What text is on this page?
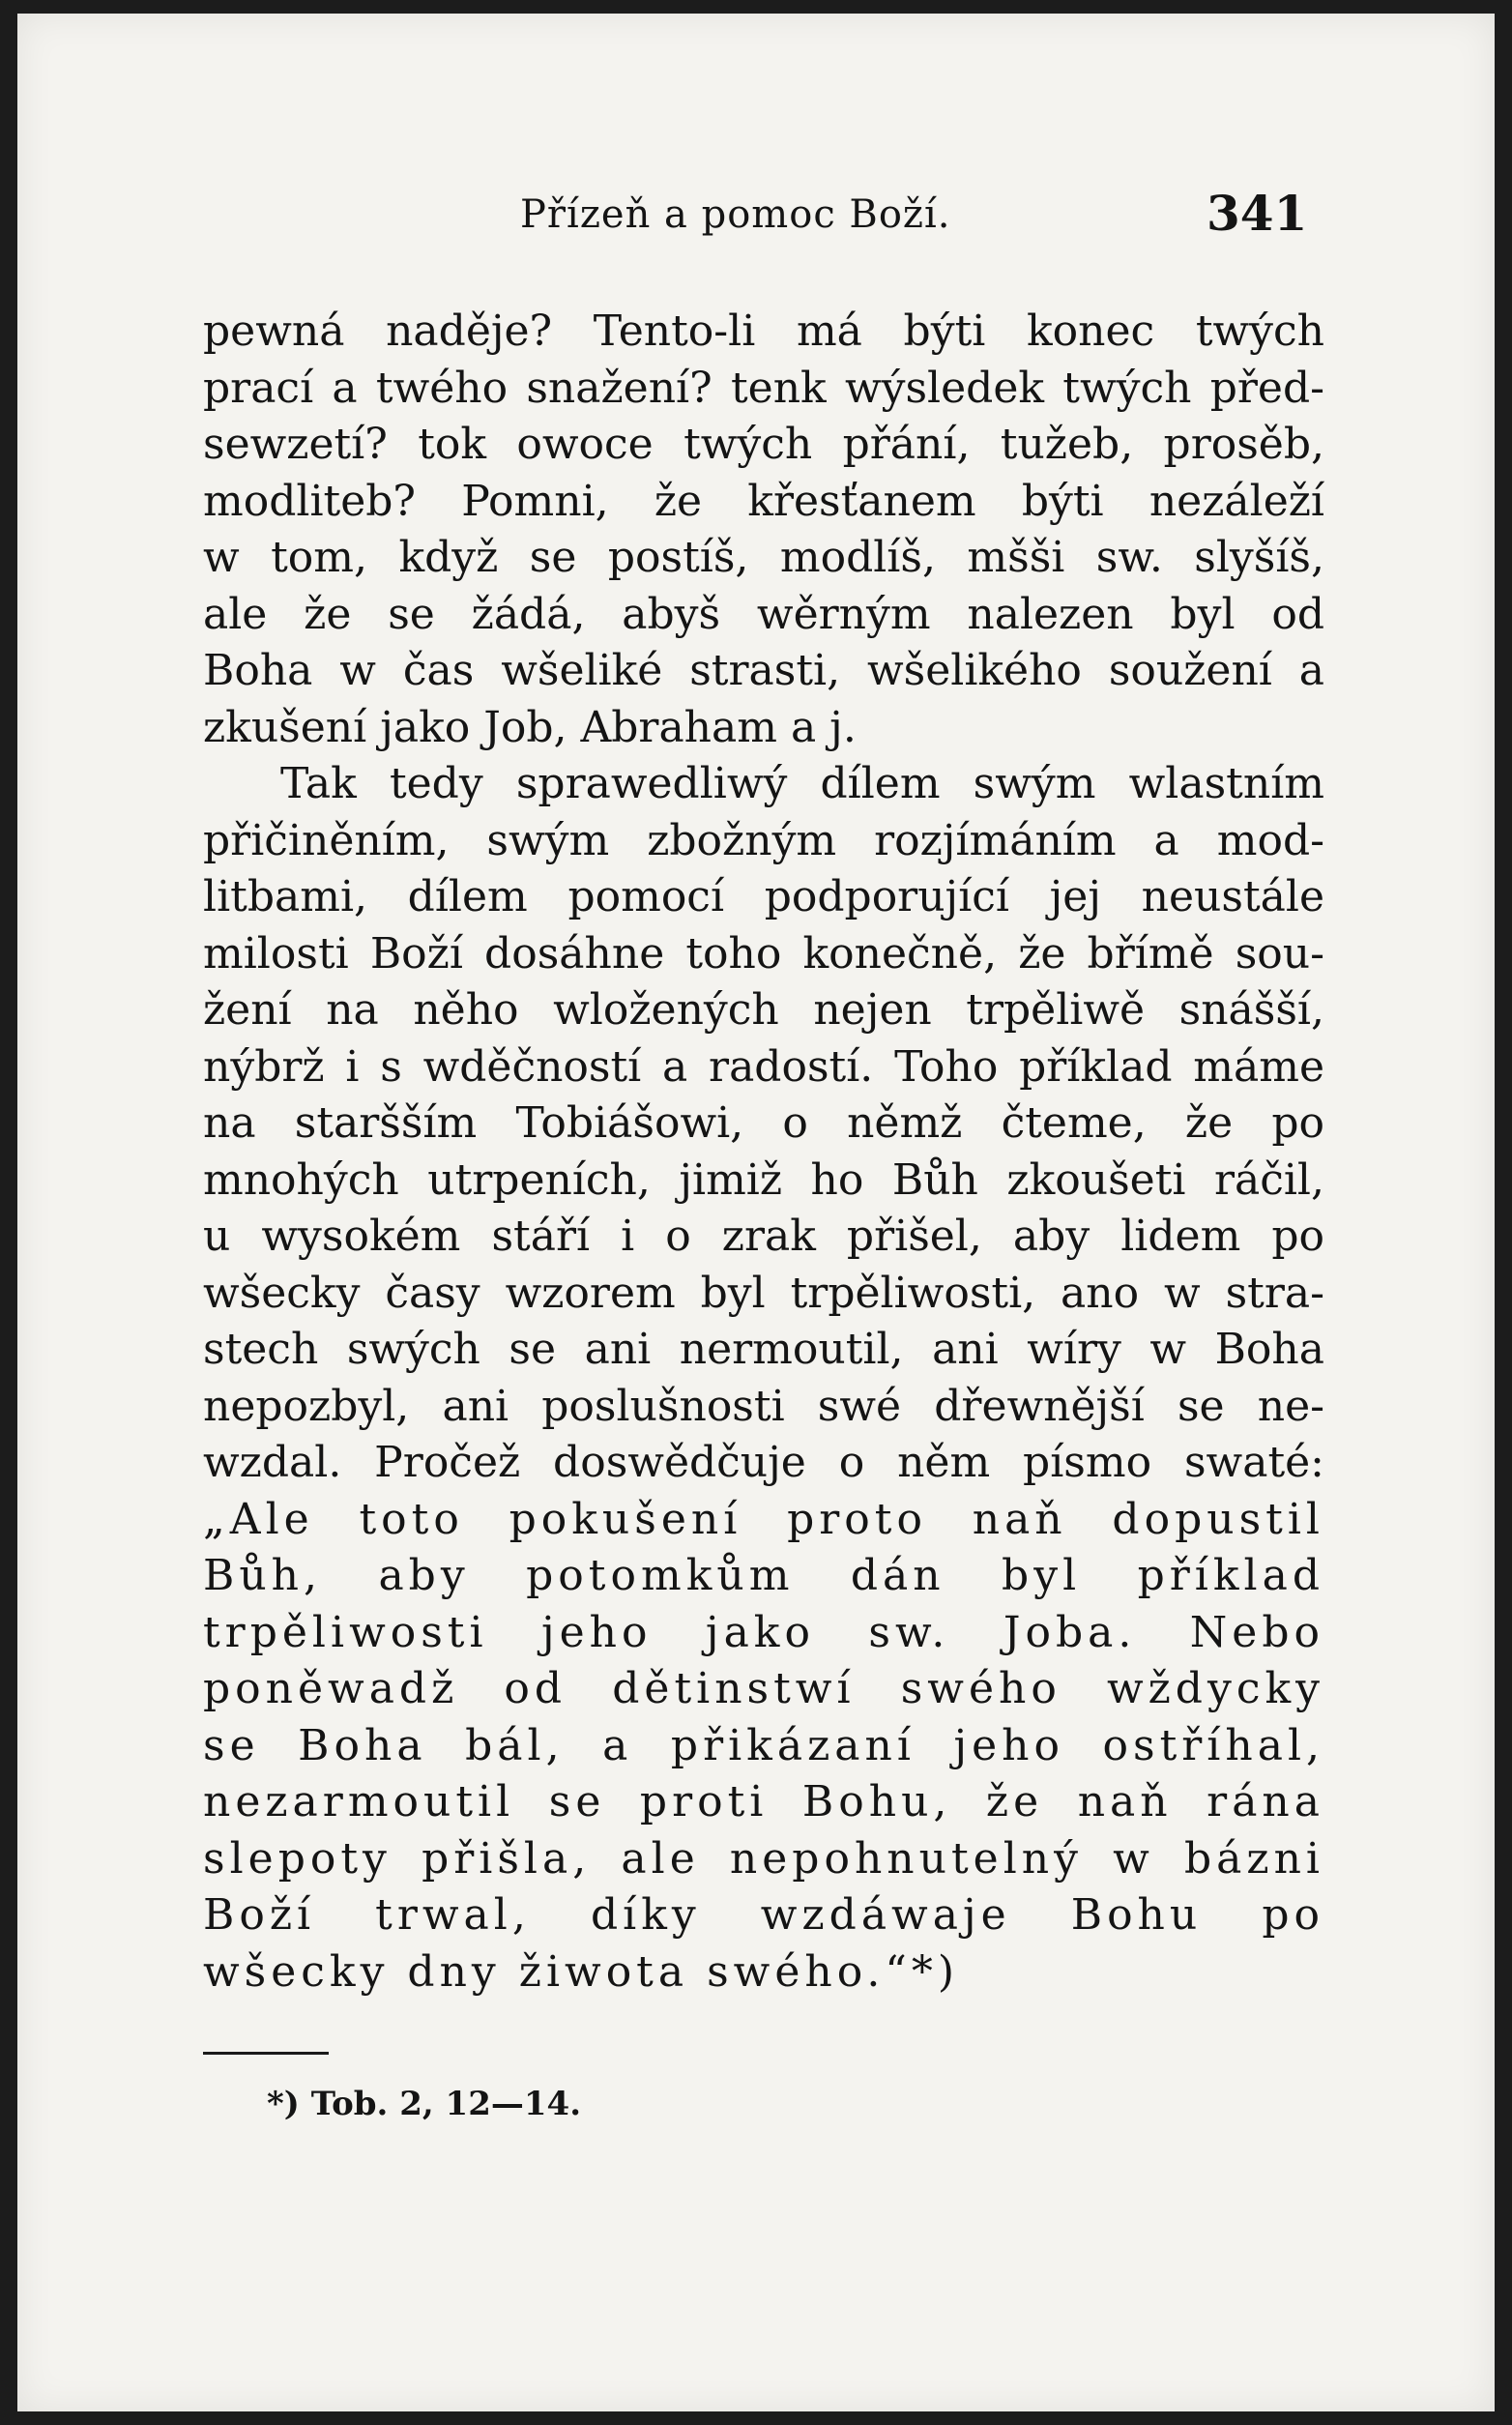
Přízeň a pomoc Boží.	341
pewná naděje? Tento-li má býti konec twých
prací a twého snažení? tenk wýsledek twých před-
sewzetí? tok owoce twých přání, tužeb, prosěb,
modliteb? Pomni, že křesťanem býti nezáleží
w tom, když se postíš, modlíš, mšši sw. slyšíš,
ale že se žádá, abyš wěrným nalezen byl od
Boha w čas wšeliké strasti, wšelikého soužení a
zkušení jako Job, Abraham a j.
Tak tedy sprawedliwý dílem swým wlastním
přičiněním, swým zbožným rozjímáním a mod-
litbami, dílem pomocí podporující jej neustále
milosti Boží dosáhne toho konečně, že břímě sou-
žení na něho wložených nejen trpěliwě snášší,
nýbrž i s wděčností a radostí. Toho příklad máme
na staršším Tobiášowi, o němž čteme, že po
mnohých utrpeních, jimiž ho Bůh zkoušeti ráčil,
u wysokém stáří i o zrak přišel, aby lidem po
wšecky časy wzorem byl trpěliwosti, ano w stra-
stech swých se ani nermoutil, ani wíry w Boha
nepozbyl, ani poslušnosti swé dřewnější se ne-
wzdal. Pročež doswědčuje o něm písmo swaté:
„Ale toto pokušení proto naň dopustil
Bůh, aby potomkům dán byl příklad
trpěliwosti jeho jako sw. Joba. Nebo
poněwadž od dětinstwí swého wždycky
se Boha bál, a přikázaní jeho ostříhal,
nezarmoutil se proti Bohu, že naň rána
slepoty přišla, ale nepohnutelný w bázni
Boží trwal, díky wzdáwaje Bohu po
wšecky dny žiwota swého.“*)
*) Tob. 2, 12—14.
